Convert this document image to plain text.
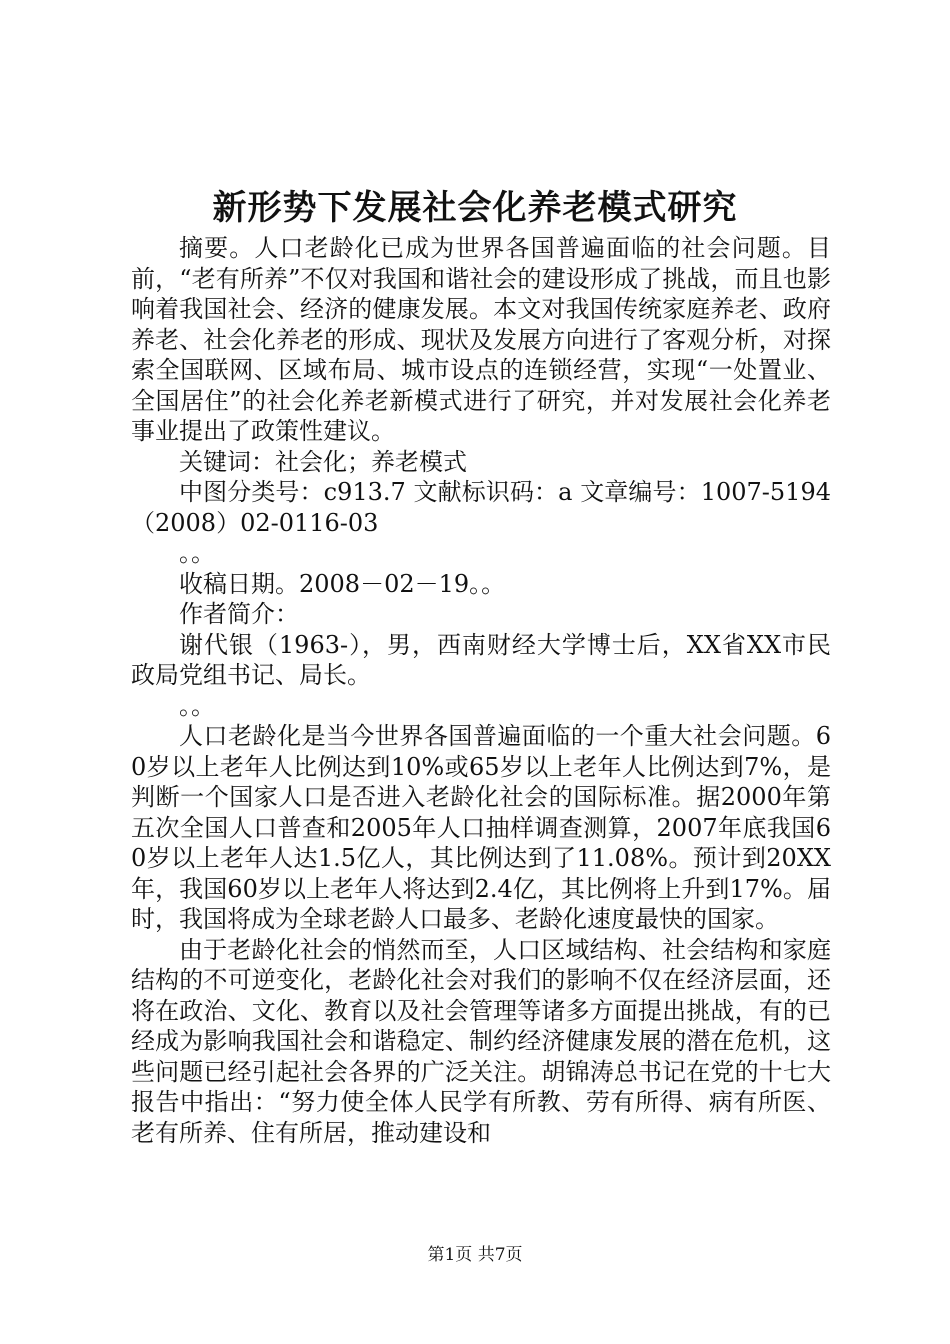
新形势下发展社会化养老模式研究

摘要。人口老龄化已成为世界各国普遍面临的社会问题。目前，“老有所养”不仅对我国和谐社会的建设形成了挑战，而且也影响着我国社会、经济的健康发展。本文对我国传统家庭养老、政府养老、社会化养老的形成、现状及发展方向进行了客观分析，对探索全国联网、区域布局、城市设点的连锁经营，实现“一处置业、全国居住”的社会化养老新模式进行了研究，并对发展社会化养老事业提出了政策性建议。

关键词：社会化；养老模式

中图分类号：c913.7 文献标识码：a 文章编号：1007-5194（2008）02-0116-03

。。

收稿日期。2008－02－19。。

作者简介：

谢代银（1963-），男，西南财经大学博士后，XX省XX市民政局党组书记、局长。

。。

人口老龄化是当今世界各国普遍面临的一个重大社会问题。60岁以上老年人比例达到10%或65岁以上老年人比例达到7%，是判断一个国家人口是否进入老龄化社会的国际标准。据2000年第五次全国人口普查和2005年人口抽样调查测算，2007年底我国60岁以上老年人达1.5亿人，其比例达到了11.08%。预计到20XX年，我国60岁以上老年人将达到2.4亿，其比例将上升到17%。届时，我国将成为全球老龄人口最多、老龄化速度最快的国家。

由于老龄化社会的悄然而至，人口区域结构、社会结构和家庭结构的不可逆变化，老龄化社会对我们的影响不仅在经济层面，还将在政治、文化、教育以及社会管理等诸多方面提出挑战，有的已经成为影响我国社会和谐稳定、制约经济健康发展的潜在危机，这些问题已经引起社会各界的广泛关注。胡锦涛总书记在党的十七大报告中指出：“努力使全体人民学有所教、劳有所得、病有所医、老有所养、住有所居，推动建设和

第1页 共7页
